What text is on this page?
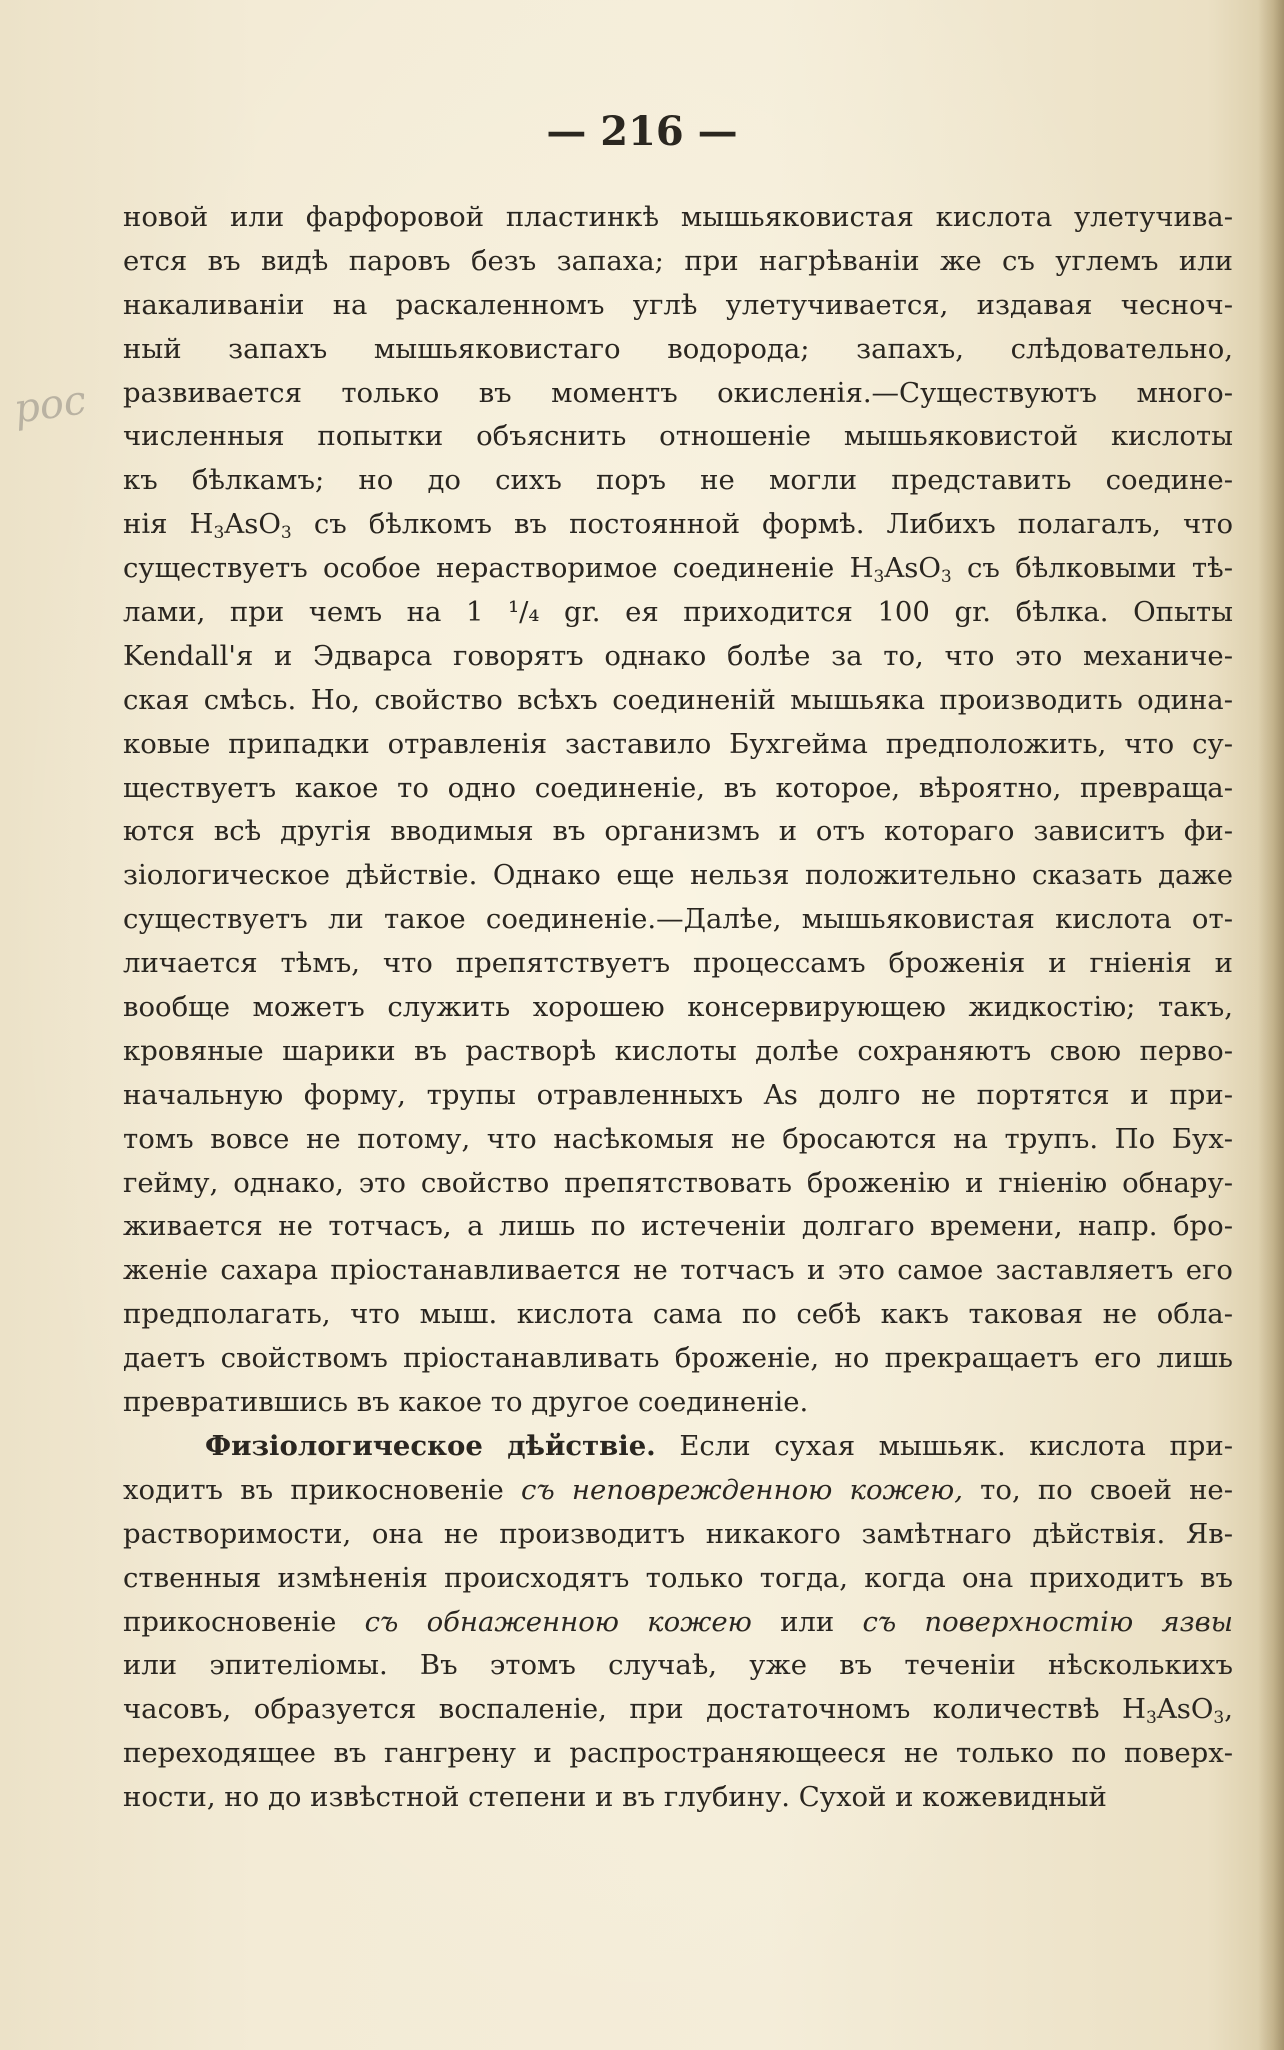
— 216 —
рос
новой или фарфоровой пластинкѣ мышьяковистая кислота улетучива-
ется въ видѣ паровъ безъ запаха; при нагрѣваніи же съ углемъ или
накаливаніи на раскаленномъ углѣ улетучивается, издавая чесноч-
ный запахъ мышьяковистаго водорода; запахъ, слѣдовательно,
развивается только въ моментъ окисленія.—Существуютъ много-
численныя попытки объяснить отношеніе мышьяковистой кислоты
къ бѣлкамъ; но до сихъ поръ не могли представить соедине-
нія $H_3AsO_3$ съ бѣлкомъ въ постоянной формѣ. Либихъ полагалъ, что
существуетъ особое нерастворимое соединеніе $H_3AsO_3$ съ бѣлковыми тѣ-
лами, при чемъ на 1 ¹/₄ gr. ея приходится 100 gr. бѣлка. Опыты
Kendall'я и Эдварса говорятъ однако болѣе за то, что это механиче-
ская смѣсь. Но, свойство всѣхъ соединеній мышьяка производить одина-
ковые припадки отравленія заставило Бухгейма предположить, что су-
ществуетъ какое то одно соединеніе, въ которое, вѣроятно, превраща-
ются всѣ другія вводимыя въ организмъ и отъ котораго зависитъ фи-
зіологическое дѣйствіе. Однако еще нельзя положительно сказать даже
существуетъ ли такое соединеніе.—Далѣе, мышьяковистая кислота от-
личается тѣмъ, что препятствуетъ процессамъ броженія и гніенія и
вообще можетъ служить хорошею консервирующею жидкостію; такъ,
кровяные шарики въ растворѣ кислоты долѣе сохраняютъ свою перво-
начальную форму, трупы отравленныхъ As долго не портятся и при-
томъ вовсе не потому, что насѣкомыя не бросаются на трупъ. По Бух-
гейму, однако, это свойство препятствовать броженію и гніенію обнару-
живается не тотчасъ, а лишь по истеченіи долгаго времени, напр. бро-
женіе сахара пріостанавливается не тотчасъ и это самое заставляетъ его
предполагать, что мыш. кислота сама по себѣ какъ таковая не обла-
даетъ свойствомъ пріостанавливать броженіе, но прекращаетъ его лишь
превратившись въ какое то другое соединеніе.
Физіологическое дѣйствіе. Если сухая мышьяк. кислота при-
ходитъ въ прикосновеніе съ неповрежденною кожею, то, по своей не-
растворимости, она не производитъ никакого замѣтнаго дѣйствія. Яв-
ственныя измѣненія происходятъ только тогда, когда она приходитъ въ
прикосновеніе съ обнаженною кожею или съ поверхностію язвы
или эпителіомы. Въ этомъ случаѣ, уже въ теченіи нѣсколькихъ
часовъ, образуется воспаленіе, при достаточномъ количествѣ $H_3AsO_3$,
переходящее въ гангрену и распространяющееся не только по поверх-
ности, но до извѣстной степени и въ глубину. Сухой и кожевидный
